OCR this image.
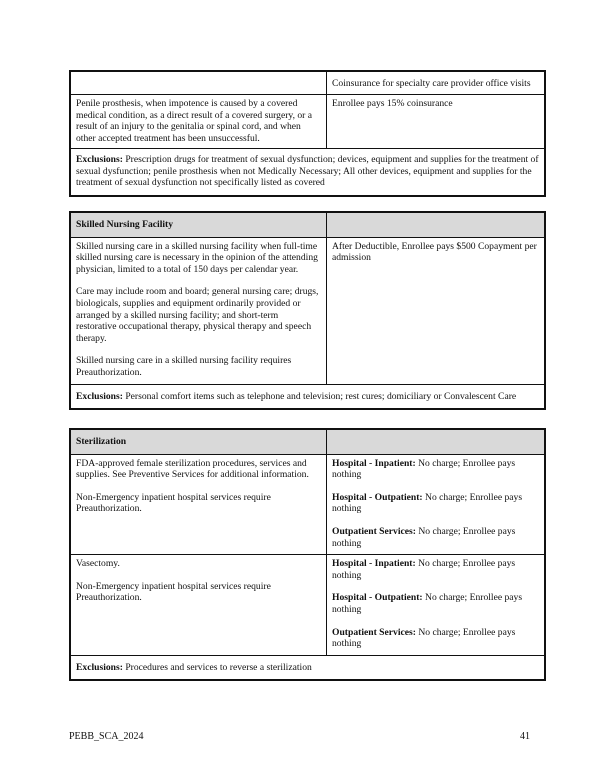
Coinsurance for specialty care provider office visits
Penile prosthesis, when impotence is caused by a covered medical condition, as a direct result of a covered surgery, or a result of an injury to the genitalia or spinal cord, and when other accepted treatment has been unsuccessful.
Enrollee pays 15% coinsurance
Exclusions: Prescription drugs for treatment of sexual dysfunction; devices, equipment and supplies for the treatment of sexual dysfunction; penile prosthesis when not Medically Necessary; All other devices, equipment and supplies for the treatment of sexual dysfunction not specifically listed as covered
Skilled Nursing Facility

Skilled nursing care in a skilled nursing facility when full-time skilled nursing care is necessary in the opinion of the attending physician, limited to a total of 150 days per calendar year.

Care may include room and board; general nursing care; drugs, biologicals, supplies and equipment ordinarily provided or arranged by a skilled nursing facility; and short-term restorative occupational therapy, physical therapy and speech therapy.

Skilled nursing care in a skilled nursing facility requires Preauthorization.

After Deductible, Enrollee pays $500 Copayment per admission
Exclusions: Personal comfort items such as telephone and television; rest cures; domiciliary or Convalescent Care
Sterilization

FDA-approved female sterilization procedures, services and supplies. See Preventive Services for additional information.

Non-Emergency inpatient hospital services require Preauthorization.

Hospital - Inpatient: No charge; Enrollee pays nothing

Hospital - Outpatient: No charge; Enrollee pays nothing

Outpatient Services: No charge; Enrollee pays nothing

Vasectomy.

Non-Emergency inpatient hospital services require Preauthorization.

Hospital - Inpatient: No charge; Enrollee pays nothing

Hospital - Outpatient: No charge; Enrollee pays nothing

Outpatient Services: No charge; Enrollee pays nothing

Exclusions: Procedures and services to reverse a sterilization
PEBB_SCA_2024	41
